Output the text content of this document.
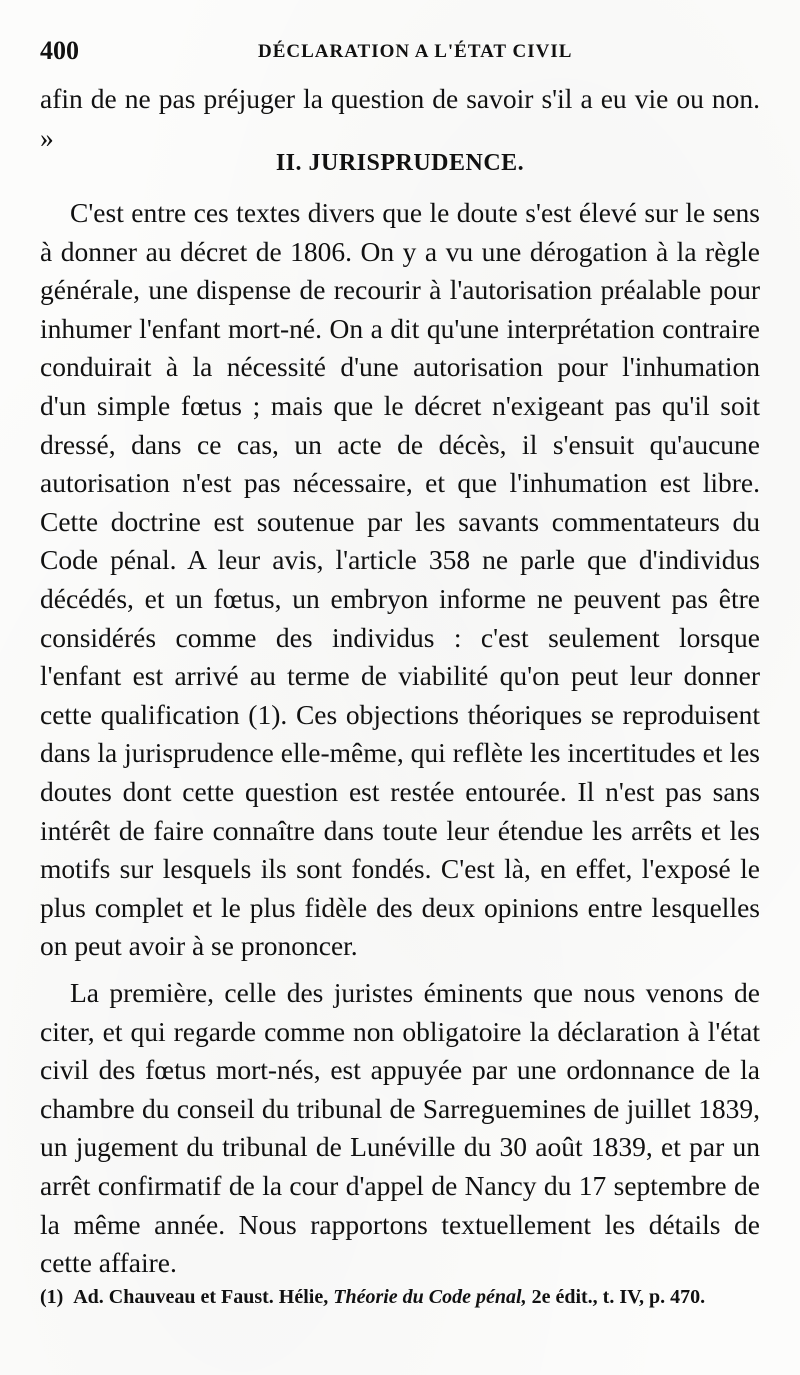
400	DÉCLARATION A L'ÉTAT CIVIL
afin de ne pas préjuger la question de savoir s'il a eu vie ou non. »
II. JURISPRUDENCE.

C'est entre ces textes divers que le doute s'est élevé sur le sens à donner au décret de 1806. On y a vu une dérogation à la règle générale, une dispense de recourir à l'autorisation préalable pour inhumer l'enfant mort-né. On a dit qu'une interprétation contraire conduirait à la nécessité d'une autorisation pour l'inhumation d'un simple fœtus ; mais que le décret n'exigeant pas qu'il soit dressé, dans ce cas, un acte de décès, il s'ensuit qu'aucune autorisation n'est pas nécessaire, et que l'inhumation est libre. Cette doctrine est soutenue par les savants commentateurs du Code pénal. A leur avis, l'article 358 ne parle que d'individus décédés, et un fœtus, un embryon informe ne peuvent pas être considérés comme des individus : c'est seulement lorsque l'enfant est arrivé au terme de viabilité qu'on peut leur donner cette qualification (1). Ces objections théoriques se reproduisent dans la jurisprudence elle-même, qui reflète les incertitudes et les doutes dont cette question est restée entourée. Il n'est pas sans intérêt de faire connaître dans toute leur étendue les arrêts et les motifs sur lesquels ils sont fondés. C'est là, en effet, l'exposé le plus complet et le plus fidèle des deux opinions entre lesquelles on peut avoir à se prononcer.

La première, celle des juristes éminents que nous venons de citer, et qui regarde comme non obligatoire la déclaration à l'état civil des fœtus mort-nés, est appuyée par une ordonnance de la chambre du conseil du tribunal de Sarreguemines de juillet 1839, un jugement du tribunal de Lunéville du 30 août 1839, et par un arrêt confirmatif de la cour d'appel de Nancy du 17 septembre de la même année. Nous rapportons textuellement les détails de cette affaire.

(1) Ad. Chauveau et Faust. Hélie, Théorie du Code pénal, 2e édit., t. IV, p. 470.
